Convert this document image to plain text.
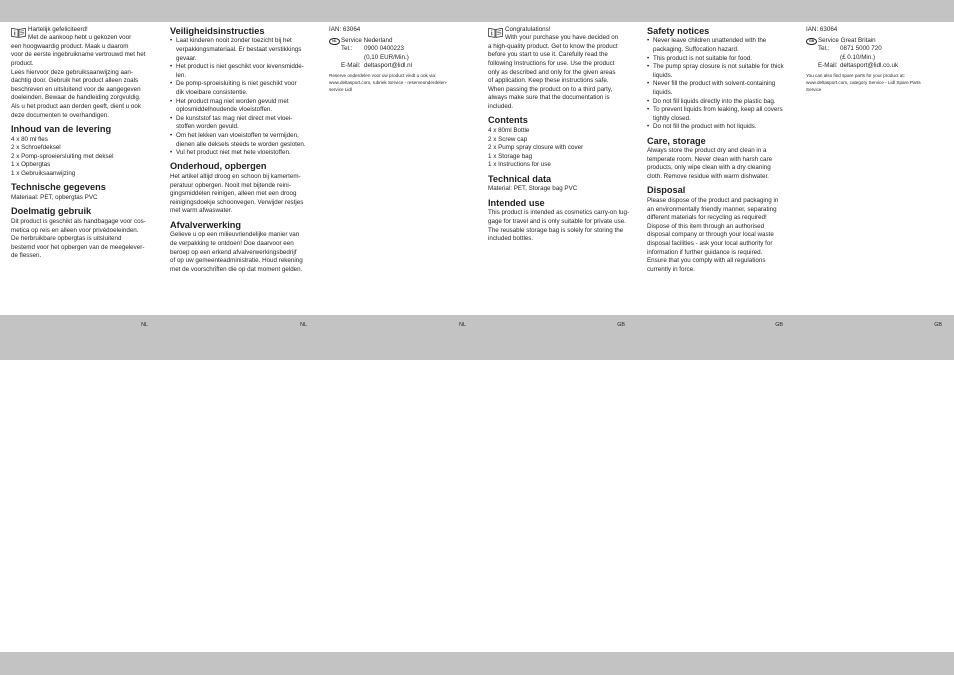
Hartelijk gefeliciteerd!
Met de aankoop hebt u gekozen voor
een hoogwaardig product. Maak u daarom
voor de eerste ingebruikname vertrouwd met het
product.
Lees hiervoor deze gebruiksaanwijzing aan-
dachtig door. Gebruik het product alleen zoals
beschreven en uitsluitend voor de aangegeven
doeleinden. Bewaar de handleiding zorgvuldig.
Als u het product aan derden geeft, dient u ook
deze documenten te overhandigen.
Inhoud van de levering
4 x 80 ml fles
2 x Schroefdeksel
2 x Pomp-sproeiersluiting met deksel
1 x Opbergtas
1 x Gebruiksaanwijzing
Technische gegevens
Materiaal: PET, opbergtas PVC
Doelmatig gebruik
Dit product is geschikt als handbagage voor cos-
metica op reis en alleen voor privédoeleinden.
De herbruikbare opbergtas is uitsluitend
bestemd voor het opbergen van de meegelever-
de flessen.
Veiligheidsinstructies
• Laat kinderen nooit zonder toezicht bij het
verpakkingsmateriaal. Er bestaat verstikkings
gevaar.
• Het product is niet geschikt voor levensmidde-
len.
• De pomp-sproeisluiting is niet geschikt voor
dik vloeibare consistentie.
• Het product mag niet worden gevuld met
oplosmiddelhoudende vloeistoffen.
• De kunststof tas mag niet direct met vloei-
stoffen worden gevuld.
• Om het lekken van vloeistoffen te vermijden,
dienen alle deksels steeds te worden gesloten.
• Vul het product niet met hete vloeistoffen.
Onderhoud, opbergen
Het artikel altijd droog en schoon bij kamertem-
peratuur opbergen. Nooit met bijtende reini-
gingsmiddelen reinigen, alleen met een droog
reinigingsdoekje schoonvegen. Verwijder restjes
met warm afwaswater.
Afvalverwerking
Gelieve u op een milieuvriendelijke manier van
de verpakking te ontdoen! Doe daarvoor een
beroep op een erkend afvalverwerkingsbedrijf
of op uw gemeenteadministratie. Houd rekening
met de voorschriften die op dat moment gelden.
IAN: 63064
NL Service Nederland
Tel.: 0900 0400223
(0,10 EUR/Min.)
E-Mail: deltasport@lidl.nl
Reserve onderdelen voor uw product vindt u ook via:
www.deltasport.com, rubriek Service - reserveonderdelen-
service Lidl
Congratulations!
With your purchase you have decided on
a high-quality product. Get to know the product
before you start to use it. Carefully read the
following Instructions for use. Use the product
only as described and only for the given areas
of application. Keep these instructions safe.
When passing the product on to a third party,
always make sure that the documentation is
included.
Contents
4 x 80ml Bottle
2 x Screw cap
2 x Pump spray closure with cover
1 x Storage bag
1 x Instructions for use
Technical data
Material: PET, Storage bag PVC
Intended use
This product is intended as cosmetics carry-on lug-
gage for travel and is only suitable for private use.
The reusable storage bag is solely for storing the
included bottles.
Safety notices
• Never leave children unattended with the
packaging. Suffocation hazard.
• This product is not suitable for food.
• The pump spray closure is not suitable for thick
liquids.
• Never fill the product with solvent-containing
liquids.
• Do not fill liquids directly into the plastic bag.
• To prevent liquids from leaking, keep all covers
tightly closed.
• Do not fill the product with hot liquids.
Care, storage
Always store the product dry and clean in a
temperate room. Never clean with harsh care
products, only wipe clean with a dry cleaning
cloth. Remove residue with warm dishwater.
Disposal
Please dispose of the product and packaging in
an environmentally friendly manner, separating
different materials for recycling as required!
Dispose of this item through an authorised
disposal company or through your local waste
disposal facilities - ask your local authority for
information if further guidance is required.
Ensure that you comply with all regulations
currently in force.
IAN: 63064
GB Service Great Britain
Tel.: 0871 5000 720
(£ 0.10/Min.)
E-Mail: deltasport@lidl.co.uk
You can also find spare parts for your product at:
www.deltasport.com, category Service - Lidl Spare Parts
Service
NL	NL	NL	GB	GB	GB
